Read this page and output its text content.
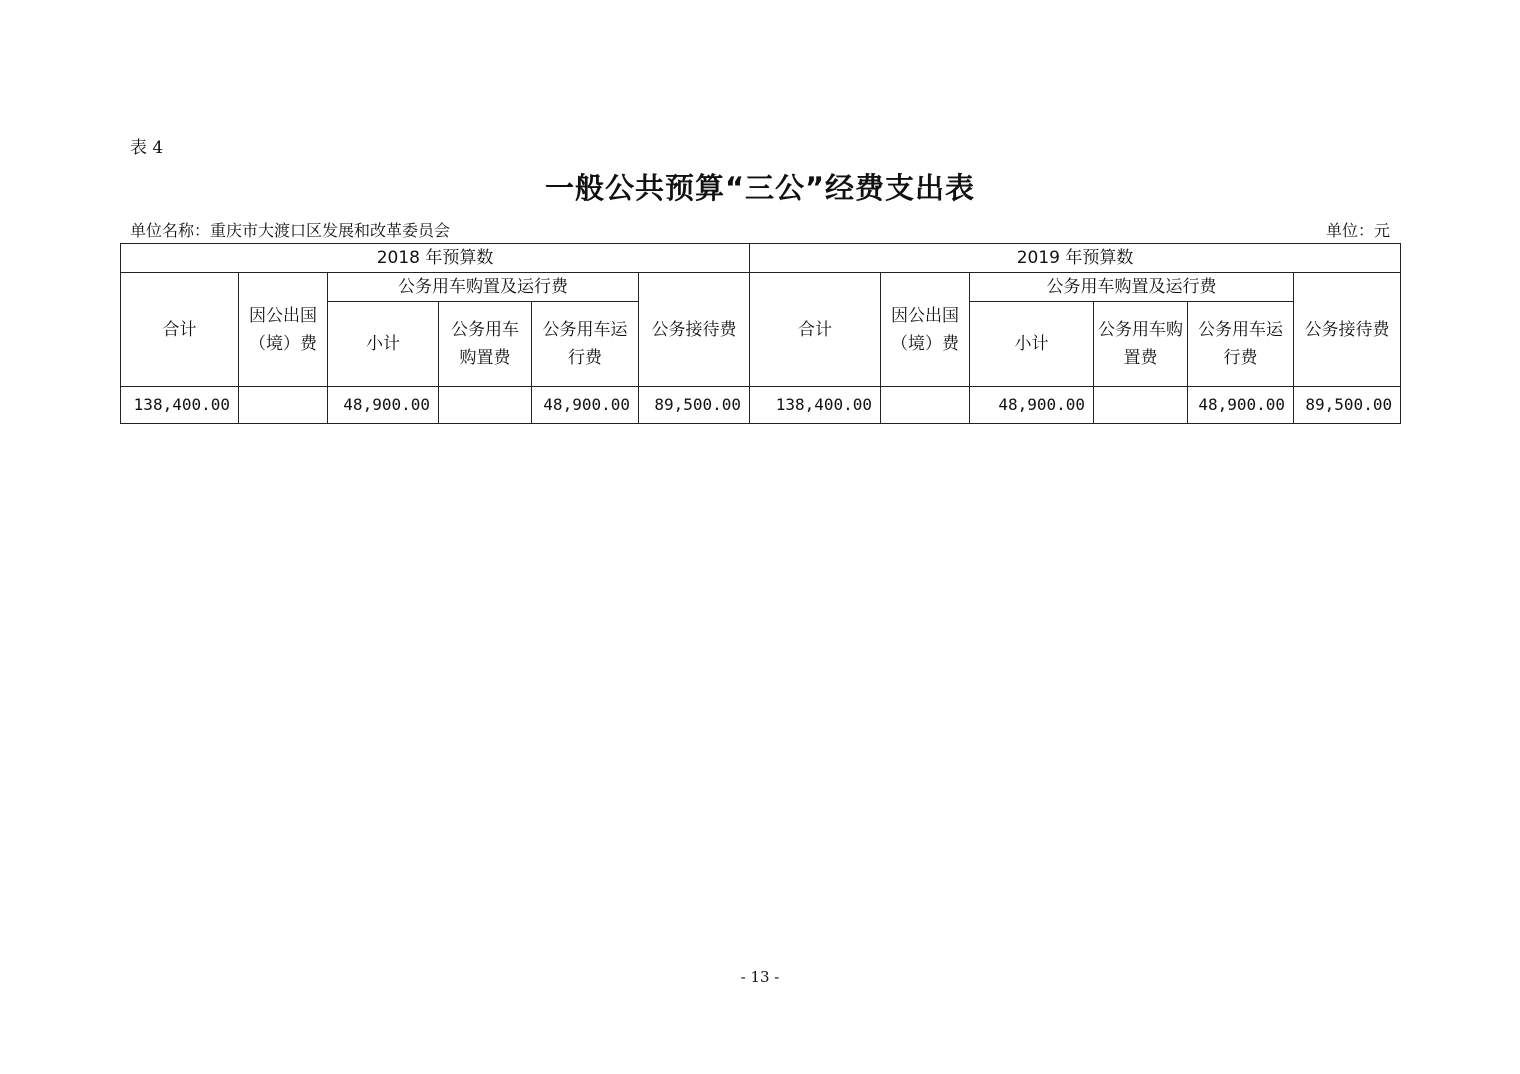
表 4
一般公共预算“三公”经费支出表
单位名称：重庆市大渡口区发展和改革委员会	单位：元
2018 年预算数						2019 年预算数					
合计	因公出国（境）费	公务用车购置及运行费			公务接待费	合计	因公出国（境）费	公务用车购置及运行费			公务接待费
		小计	公务用车购置费	公务用车运行费				小计	公务用车购置费	公务用车运行费	
138,400.00		48,900.00		48,900.00	89,500.00	138,400.00		48,900.00		48,900.00	89,500.00
- 13 -
